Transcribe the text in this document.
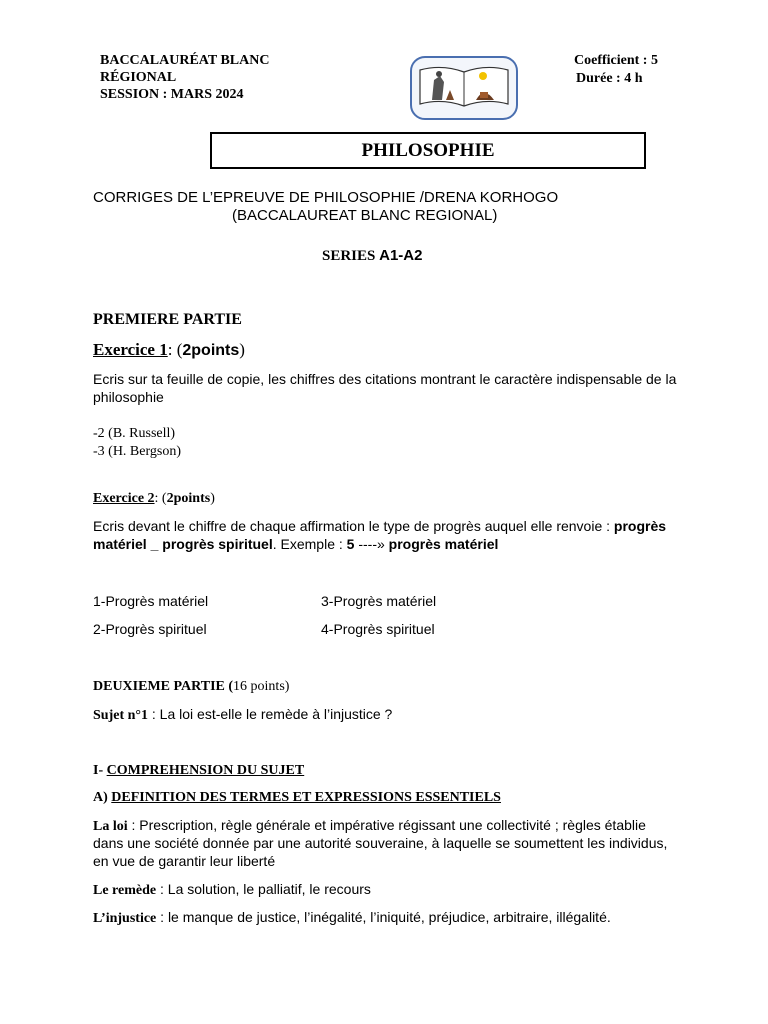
BACCALAURÉAT BLANC
RÉGIONAL
SESSION : MARS 2024
Coefficient : 5
Durée : 4 h
PHILOSOPHIE
CORRIGES DE L’EPREUVE DE PHILOSOPHIE /DRENA KORHOGO
(BACCALAUREAT BLANC REGIONAL)
SERIES A1-A2
PREMIERE PARTIE
Exercice 1: (2points)
Ecris sur ta feuille de copie, les chiffres des citations montrant le caractère indispensable de la
philosophie
-2 (B. Russell)
-3 (H. Bergson)
Exercice 2: (2points)
Ecris devant le chiffre de chaque affirmation le type de progrès auquel elle renvoie : progrès
matériel _ progrès spirituel. Exemple : 5 ----» progrès matériel
1-Progrès matériel	3-Progrès matériel
2-Progrès spirituel	4-Progrès spirituel
DEUXIEME PARTIE (16 points)
Sujet n°1 : La loi est-elle le remède à l’injustice ?
I- COMPREHENSION DU SUJET
A) DEFINITION DES TERMES ET EXPRESSIONS ESSENTIELS
La loi : Prescription, règle générale et impérative régissant une collectivité ; règles établie
dans une société donnée par une autorité souveraine, à laquelle se soumettent les individus,
en vue de garantir leur liberté
Le remède : La solution, le palliatif, le recours
L’injustice : le manque de justice, l’inégalité, l’iniquité, préjudice, arbitraire, illégalité.
